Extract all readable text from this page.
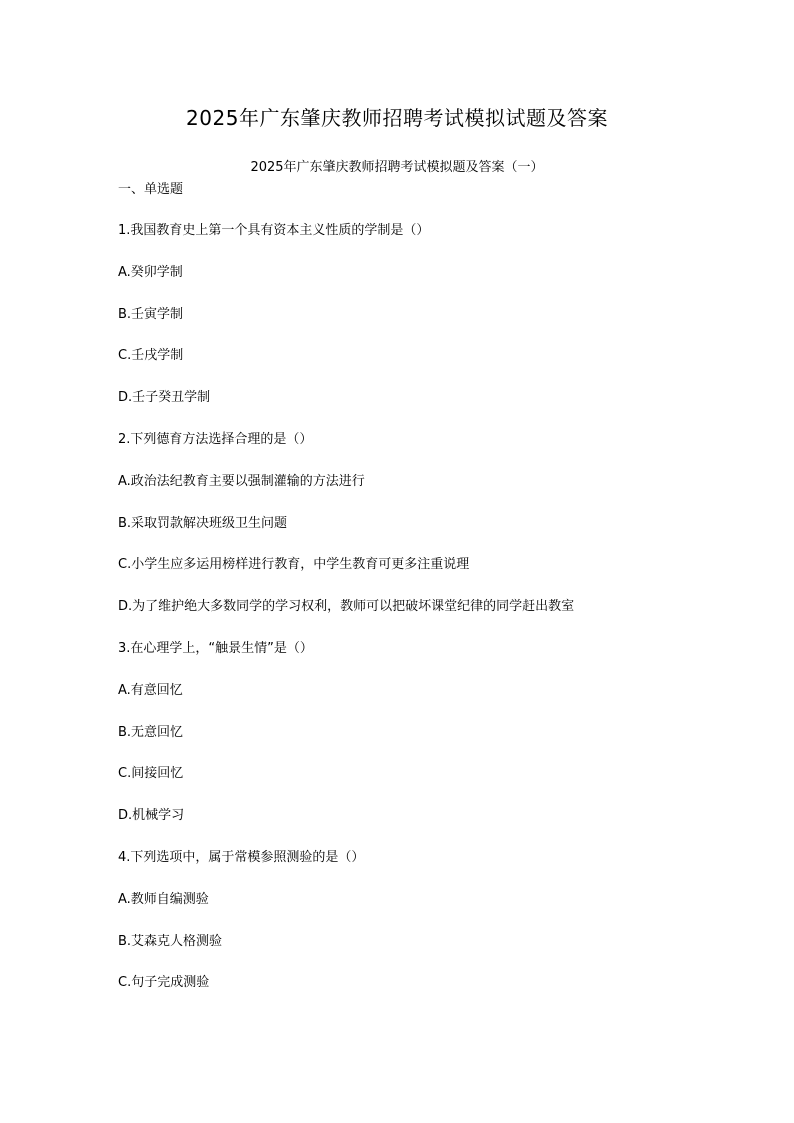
2025年广东肇庆教师招聘考试模拟试题及答案
2025年广东肇庆教师招聘考试模拟题及答案（一）
一、单选题
1.我国教育史上第一个具有资本主义性质的学制是（）
A.癸卯学制
B.壬寅学制
C.壬戌学制
D.壬子癸丑学制
2.下列德育方法选择合理的是（）
A.政治法纪教育主要以强制灌输的方法进行
B.采取罚款解决班级卫生问题
C.小学生应多运用榜样进行教育，中学生教育可更多注重说理
D.为了维护绝大多数同学的学习权利，教师可以把破坏课堂纪律的同学赶出教室
3.在心理学上，“触景生情”是（）
A.有意回忆
B.无意回忆
C.间接回忆
D.机械学习
4.下列选项中，属于常模参照测验的是（）
A.教师自编测验
B.艾森克人格测验
C.句子完成测验
